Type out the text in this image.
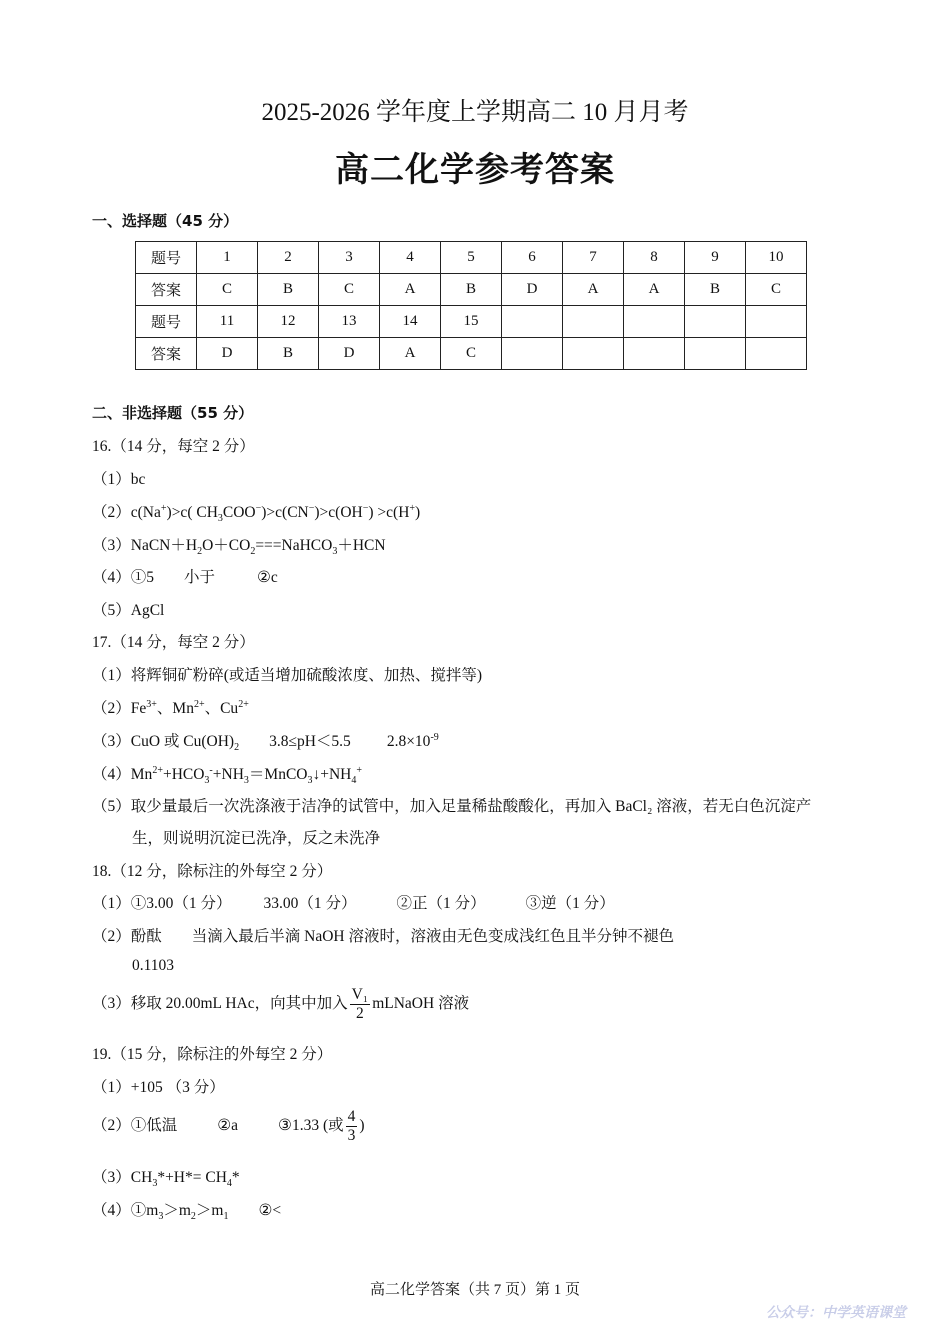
2025-2026 学年度上学期高二 10 月月考
高二化学参考答案
一、选择题（45 分）
题号	1	2	3	4	5	6	7	8	9	10
答案	C	B	C	A	B	D	A	A	B	C
题号	11	12	13	14	15					
答案	D	B	D	A	C					
二、非选择题（55 分）
16.（14 分，每空 2 分）
（1）bc
（2）c(Na+)>c( $CH_3COO^-)>c(CN^-)>c(OH^-) >c(H^+)$
$(3)NaCN+H_2O+CO_2===NaHCO_3+HCN$
（4）①5 小于	②c
（5）AgCl
17.（14 分，每空 2 分）
（1）将辉铜矿粉碎(或适当增加硫酸浓度、加热、搅拌等)
$(2)Fe^{3+}$、$Mn^{2+}$、$Cu^{2+}$
（3）CuO 或 $Cu(OH)_2$ 3.8≤pH＜5.5 $2.8\times 10^{-9}$
$(4)Mn^{2+}+HCO_3^-+NH_3=MnCO_3↓+NH_4^+$
（5）取少量最后一次洗涤液于洁净的试管中，加入足量稀盐酸酸化，再加入 BaCl₂ 溶液，若无白色沉淀产
生，则说明沉淀已洗净，反之未洗净
18.（12 分，除标注的外每空 2 分）
（1）①3.00（1 分） 33.00（1 分）	②正（1 分）	③逆（1 分）
（2）酚酞 当滴入最后半滴 NaOH 溶液时，溶液由无色变成浅红色且半分钟不褪色
0.1103
（3）移取 20.00mL HAc，向其中加入 $\frac{\text{V₁}}{2}$ mLNaOH 溶液
19.（15 分，除标注的外每空 2 分）
（1）+105 （3 分）
（2）①低温	②a	③1.33 (或 $\frac{4}{3}$ )
$(3)CH_3*+H*= CH_4*$
$(4)①m_3>m_2>m_1$ ②<
高二化学答案（共 7 页）第 1 页
公众号：中学英语课堂
